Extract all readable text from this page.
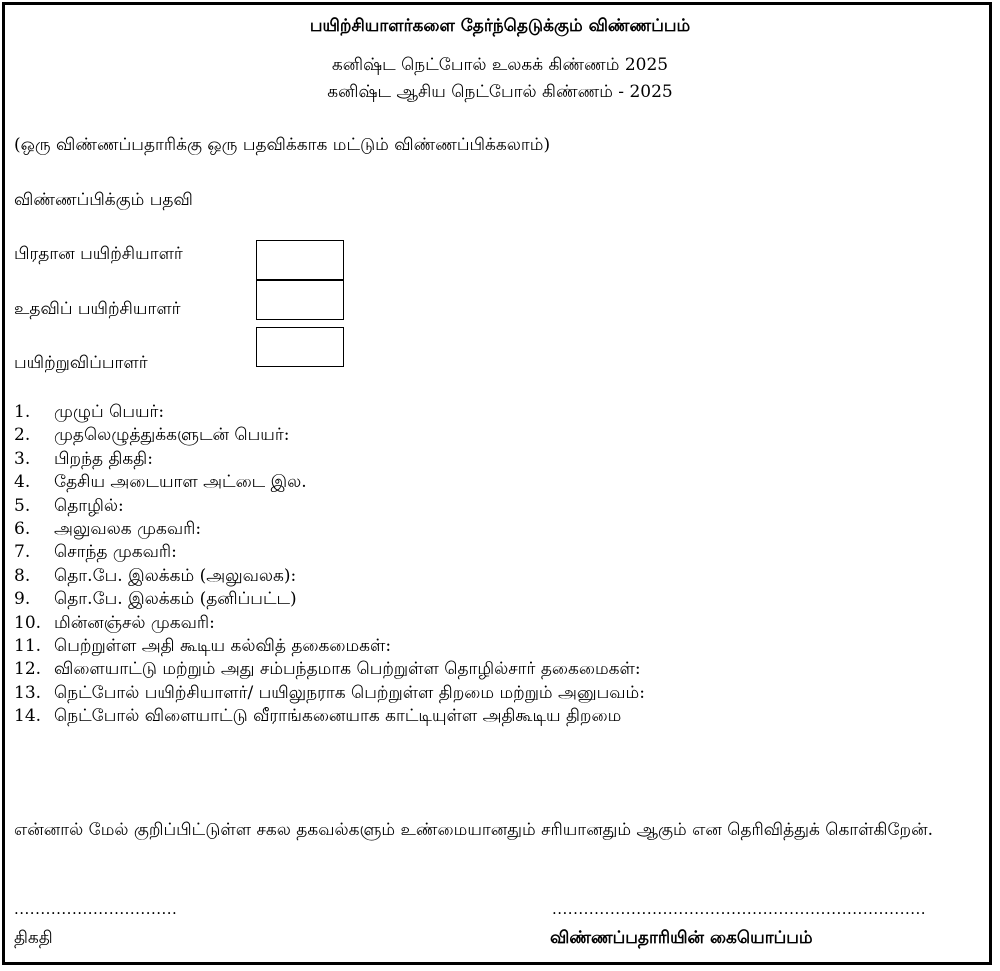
பயிற்சியாளர்களை தேர்ந்தெடுக்கும் விண்ணப்பம்
கனிஷ்ட நெட்போல் உலகக் கிண்ணம் 2025
கனிஷ்ட ஆசிய நெட்போல் கிண்ணம் - 2025
(ஒரு விண்ணப்பதாரிக்கு ஒரு பதவிக்காக மட்டும் விண்ணப்பிக்கலாம்)
விண்ணப்பிக்கும் பதவி
பிரதான பயிற்சியாளர்
உதவிப் பயிற்சியாளர்
பயிற்றுவிப்பாளர்
1.	முழுப் பெயர்:
2.	முதலெழுத்துக்களுடன் பெயர்:
3.	பிறந்த திகதி:
4.	தேசிய அடையாள அட்டை இல.
5.	தொழில்:
6.	அலுவலக முகவரி:
7.	சொந்த முகவரி:
8.	தொ.பே. இலக்கம் (அலுவலக):
9.	தொ.பே. இலக்கம் (தனிப்பட்ட)
10. மின்னஞ்சல் முகவரி:
11. பெற்றுள்ள அதி கூடிய கல்வித் தகைமைகள்:
12. விளையாட்டு மற்றும் அது சம்பந்தமாக பெற்றுள்ள தொழில்சார் தகைமைகள்:
13. நெட்போல் பயிற்சியாளர்/ பயிலுநராக பெற்றுள்ள திறமை மற்றும் அனுபவம்:
14. நெட்போல் விளையாட்டு வீராங்கனையாக காட்டியுள்ள அதிகூடிய திறமை
என்னால் மேல் குறிப்பிட்டுள்ள சகல தகவல்களும் உண்மையானதும் சரியானதும் ஆகும் என தெரிவித்துக் கொள்கிறேன்.
...............................	.......................................................................
திகதி	விண்ணப்பதாரியின் கையொப்பம்
